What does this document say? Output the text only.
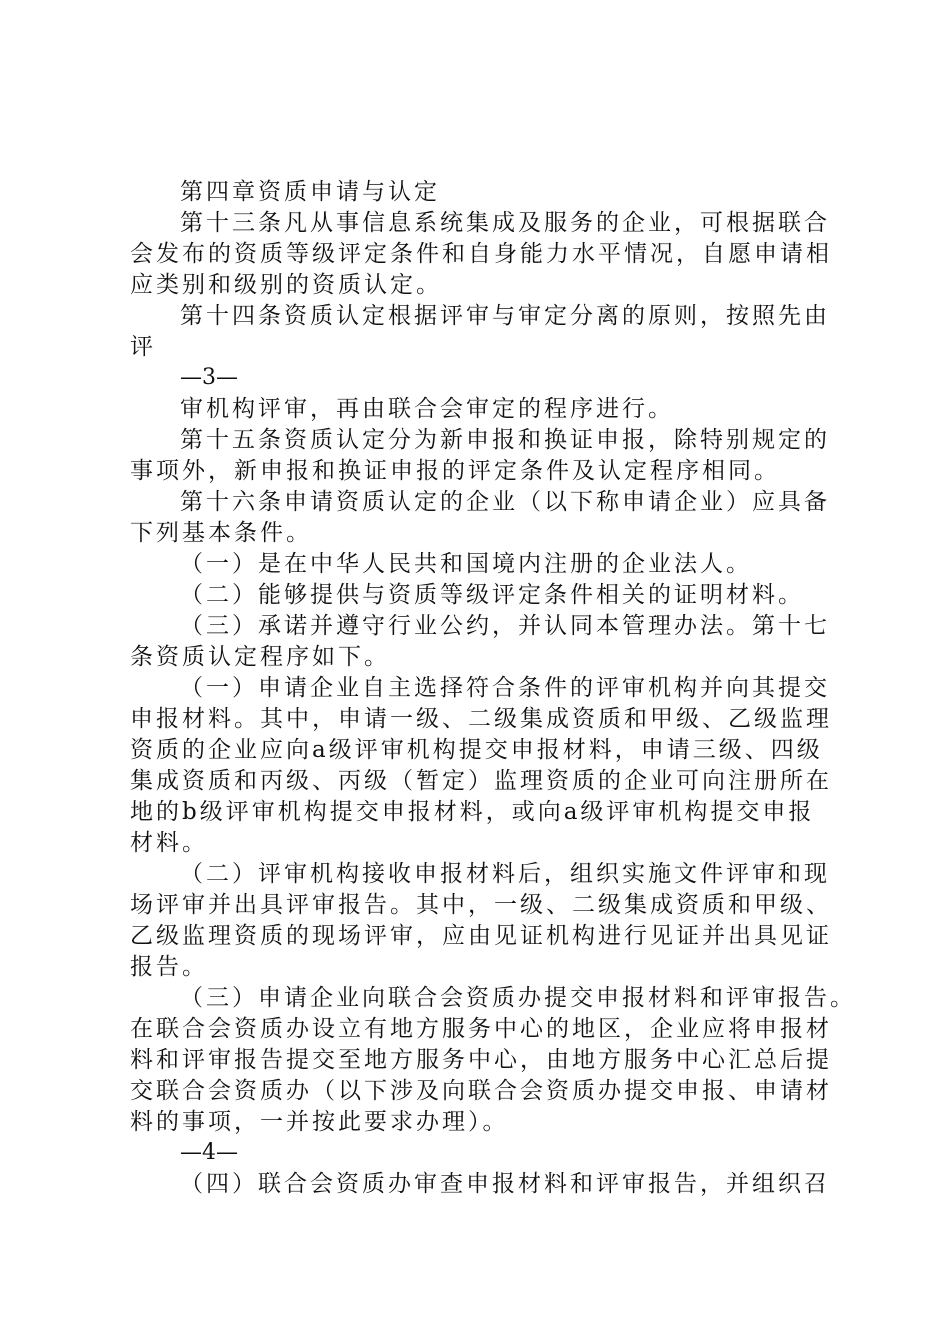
第四章资质申请与认定
第十三条凡从事信息系统集成及服务的企业，可根据联合
会发布的资质等级评定条件和自身能力水平情况，自愿申请相
应类别和级别的资质认定。
第十四条资质认定根据评审与审定分离的原则，按照先由
评
—3—
审机构评审，再由联合会审定的程序进行。
第十五条资质认定分为新申报和换证申报，除特别规定的
事项外，新申报和换证申报的评定条件及认定程序相同。
第十六条申请资质认定的企业（以下称申请企业）应具备
下列基本条件。
（一）是在中华人民共和国境内注册的企业法人。
（二）能够提供与资质等级评定条件相关的证明材料。
（三）承诺并遵守行业公约，并认同本管理办法。第十七
条资质认定程序如下。
（一）申请企业自主选择符合条件的评审机构并向其提交
申报材料。其中，申请一级、二级集成资质和甲级、乙级监理
资质的企业应向a级评审机构提交申报材料，申请三级、四级
集成资质和丙级、丙级（暂定）监理资质的企业可向注册所在
地的b级评审机构提交申报材料，或向a级评审机构提交申报
材料。
（二）评审机构接收申报材料后，组织实施文件评审和现
场评审并出具评审报告。其中，一级、二级集成资质和甲级、
乙级监理资质的现场评审，应由见证机构进行见证并出具见证
报告。
（三）申请企业向联合会资质办提交申报材料和评审报告。
在联合会资质办设立有地方服务中心的地区，企业应将申报材
料和评审报告提交至地方服务中心，由地方服务中心汇总后提
交联合会资质办（以下涉及向联合会资质办提交申报、申请材
料的事项，一并按此要求办理）。
—4—
（四）联合会资质办审查申报材料和评审报告，并组织召
